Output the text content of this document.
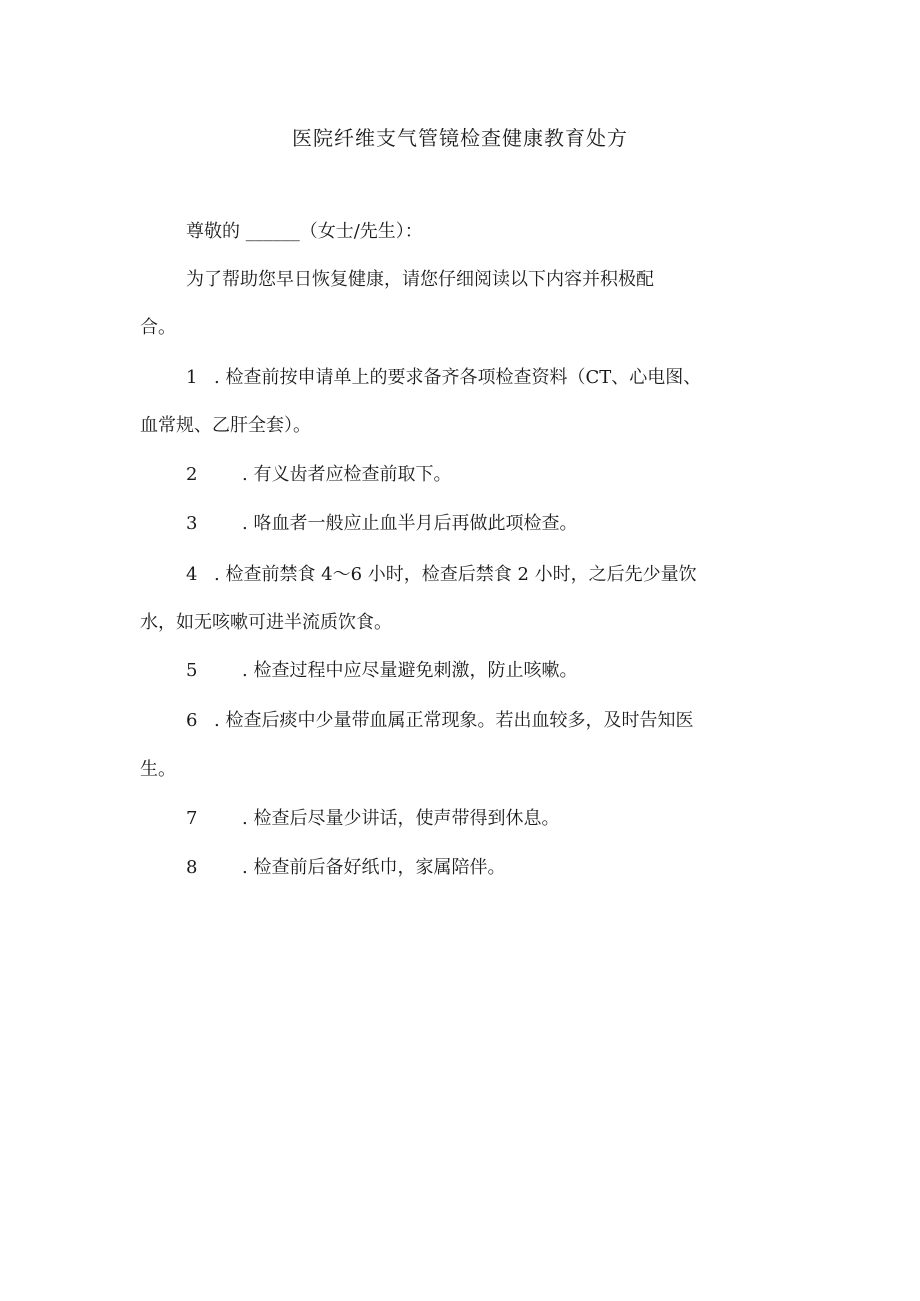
医院纤维支气管镜检查健康教育处方
尊敬的 ______（女士/先生）：
为了帮助您早日恢复健康，请您仔细阅读以下内容并积极配
合。
1 . 检查前按申请单上的要求备齐各项检查资料（CT、心电图、
血常规、乙肝全套）。
2 . 有义齿者应检查前取下。
3 . 咯血者一般应止血半月后再做此项检查。
4 . 检查前禁食 4～6 小时，检查后禁食 2 小时，之后先少量饮
水，如无咳嗽可进半流质饮食。
5 . 检查过程中应尽量避免刺激，防止咳嗽。
6 . 检查后痰中少量带血属正常现象。若出血较多，及时告知医
生。
7 . 检查后尽量少讲话，使声带得到休息。
8 . 检查前后备好纸巾，家属陪伴。
